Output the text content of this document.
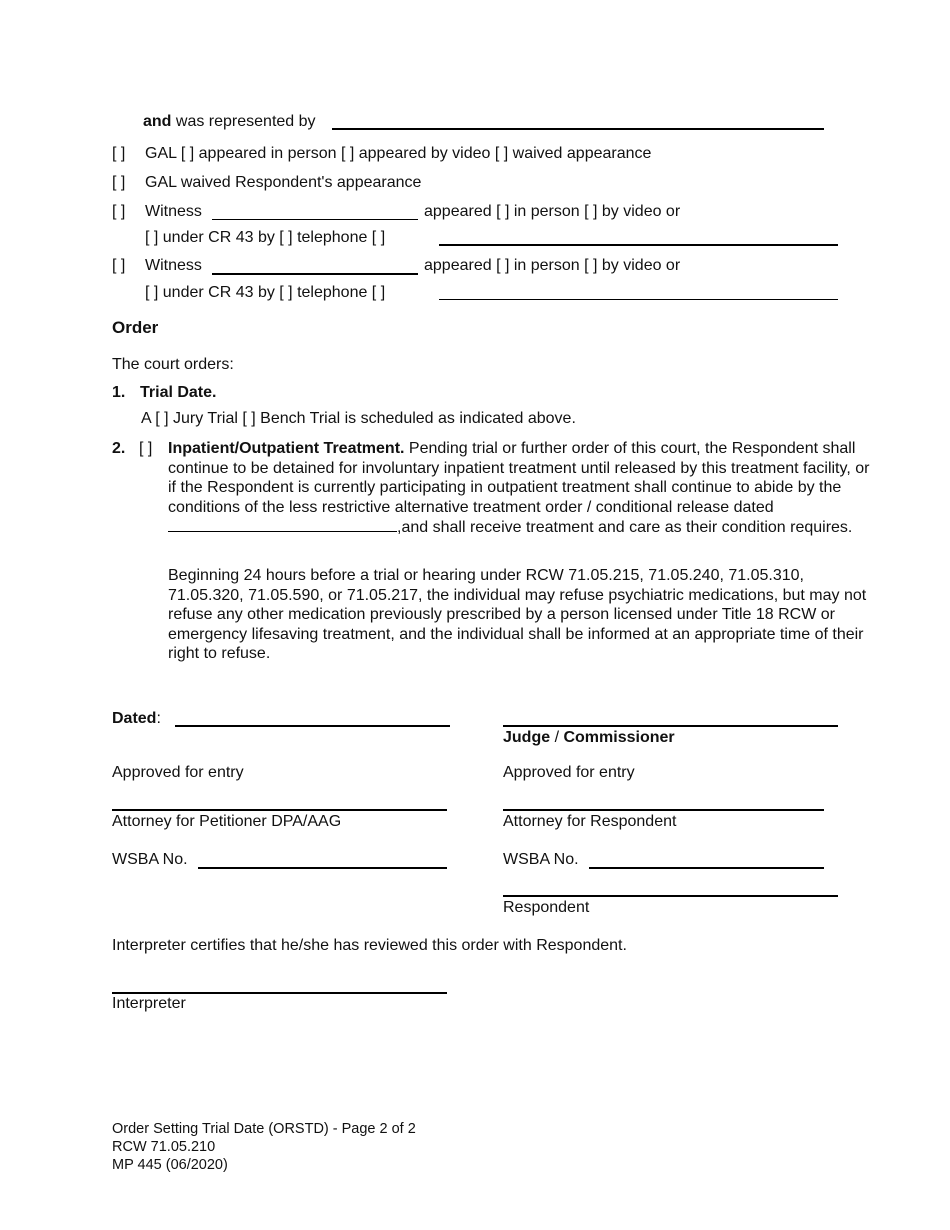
and was represented by
[ ] GAL [ ] appeared in person [ ] appeared by video [ ] waived appearance
[ ] GAL waived Respondent's appearance
[ ] Witness	appeared [ ] in person [ ] by video or
[ ] under CR 43 by [ ] telephone [ ]
[ ] Witness	appeared [ ] in person [ ] by video or
[ ] under CR 43 by [ ] telephone [ ]
Order
The court orders:
1. Trial Date.
A [ ] Jury Trial [ ] Bench Trial is scheduled as indicated above.
2. [ ] Inpatient/Outpatient Treatment. Pending trial or further order of this court, the Respondent shall continue to be detained for involuntary inpatient treatment until released by this treatment facility, or if the Respondent is currently participating in outpatient treatment shall continue to abide by the conditions of the less restrictive alternative treatment order / conditional release dated,and shall receive treatment and care as their condition requires.
Beginning 24 hours before a trial or hearing under RCW 71.05.215, 71.05.240, 71.05.310, 71.05.320, 71.05.590, or 71.05.217, the individual may refuse psychiatric medications, but may not refuse any other medication previously prescribed by a person licensed under Title 18 RCW or emergency lifesaving treatment, and the individual shall be informed at an appropriate time of their right to refuse.
Dated:
Judge / Commissioner
Approved for entry	Approved for entry
Attorney for Petitioner DPA/AAG	Attorney for Respondent
WSBA No.	WSBA No.
Respondent
Interpreter certifies that he/she has reviewed this order with Respondent.
Interpreter
Order Setting Trial Date (ORSTD) - Page 2 of 2
RCW 71.05.210
MP 445 (06/2020)
